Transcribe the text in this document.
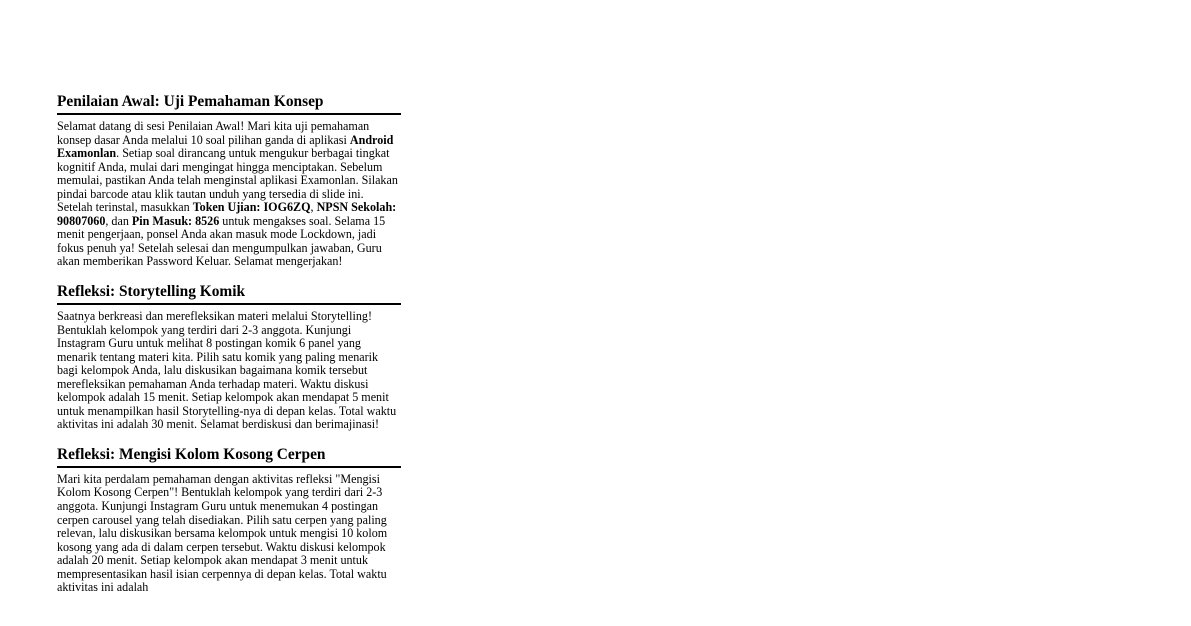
Penilaian Awal: Uji Pemahaman Konsep

Selamat datang di sesi Penilaian Awal! Mari kita uji pemahaman konsep dasar Anda melalui 10 soal pilihan ganda di aplikasi Android Examonlan. Setiap soal dirancang untuk mengukur berbagai tingkat kognitif Anda, mulai dari mengingat hingga menciptakan. Sebelum memulai, pastikan Anda telah menginstal aplikasi Examonlan. Silakan pindai barcode atau klik tautan unduh yang tersedia di slide ini. Setelah terinstal, masukkan Token Ujian: IOG6ZQ, NPSN Sekolah: 90807060, dan Pin Masuk: 8526 untuk mengakses soal. Selama 15 menit pengerjaan, ponsel Anda akan masuk mode Lockdown, jadi fokus penuh ya! Setelah selesai dan mengumpulkan jawaban, Guru akan memberikan Password Keluar. Selamat mengerjakan!

Refleksi: Storytelling Komik

Saatnya berkreasi dan merefleksikan materi melalui Storytelling! Bentuklah kelompok yang terdiri dari 2-3 anggota. Kunjungi Instagram Guru untuk melihat 8 postingan komik 6 panel yang menarik tentang materi kita. Pilih satu komik yang paling menarik bagi kelompok Anda, lalu diskusikan bagaimana komik tersebut merefleksikan pemahaman Anda terhadap materi. Waktu diskusi kelompok adalah 15 menit. Setiap kelompok akan mendapat 5 menit untuk menampilkan hasil Storytelling-nya di depan kelas. Total waktu aktivitas ini adalah 30 menit. Selamat berdiskusi dan berimajinasi!

Refleksi: Mengisi Kolom Kosong Cerpen

Mari kita perdalam pemahaman dengan aktivitas refleksi "Mengisi Kolom Kosong Cerpen"! Bentuklah kelompok yang terdiri dari 2-3 anggota. Kunjungi Instagram Guru untuk menemukan 4 postingan cerpen carousel yang telah disediakan. Pilih satu cerpen yang paling relevan, lalu diskusikan bersama kelompok untuk mengisi 10 kolom kosong yang ada di dalam cerpen tersebut. Waktu diskusi kelompok adalah 20 menit. Setiap kelompok akan mendapat 3 menit untuk mempresentasikan hasil isian cerpennya di depan kelas. Total waktu aktivitas ini adalah
